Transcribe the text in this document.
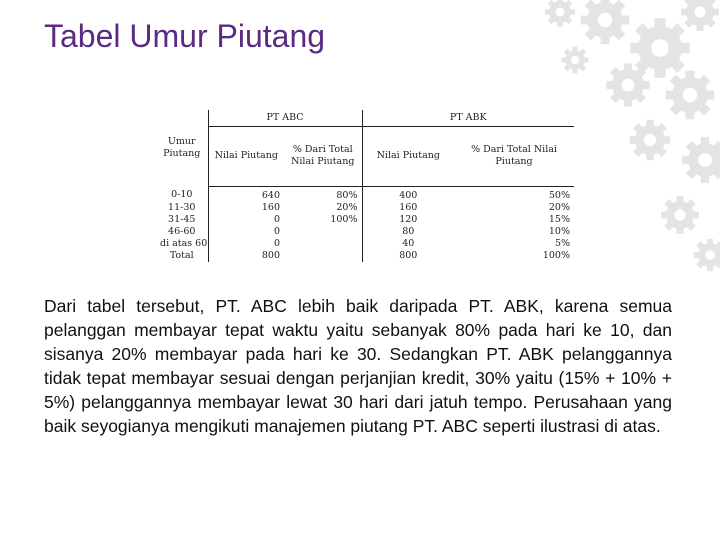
Tabel Umur Piutang
Umur Piutang	PT ABC		PT ABK	
	Nilai Piutang	% Dari Total Nilai Piutang	Nilai Piutang	% Dari Total Nilai Piutang
0-10	640	80%	400	50%
11-30	160	20%	160	20%
31-45	0	100%	120	15%
46-60	0		80	10%
di atas 60	0		40	5%
Total	800		800	100%

Dari tabel tersebut, PT. ABC lebih baik daripada PT. ABK, karena semua pelanggan membayar tepat waktu yaitu sebanyak 80% pada hari ke 10, dan sisanya 20% membayar pada hari ke 30. Sedangkan PT. ABK pelanggannya tidak tepat membayar sesuai dengan perjanjian kredit, 30% yaitu (15% + 10% + 5%) pelanggannya membayar lewat 30 hari dari jatuh tempo. Perusahaan yang baik seyogianya mengikuti manajemen piutang PT. ABC seperti ilustrasi di atas.
